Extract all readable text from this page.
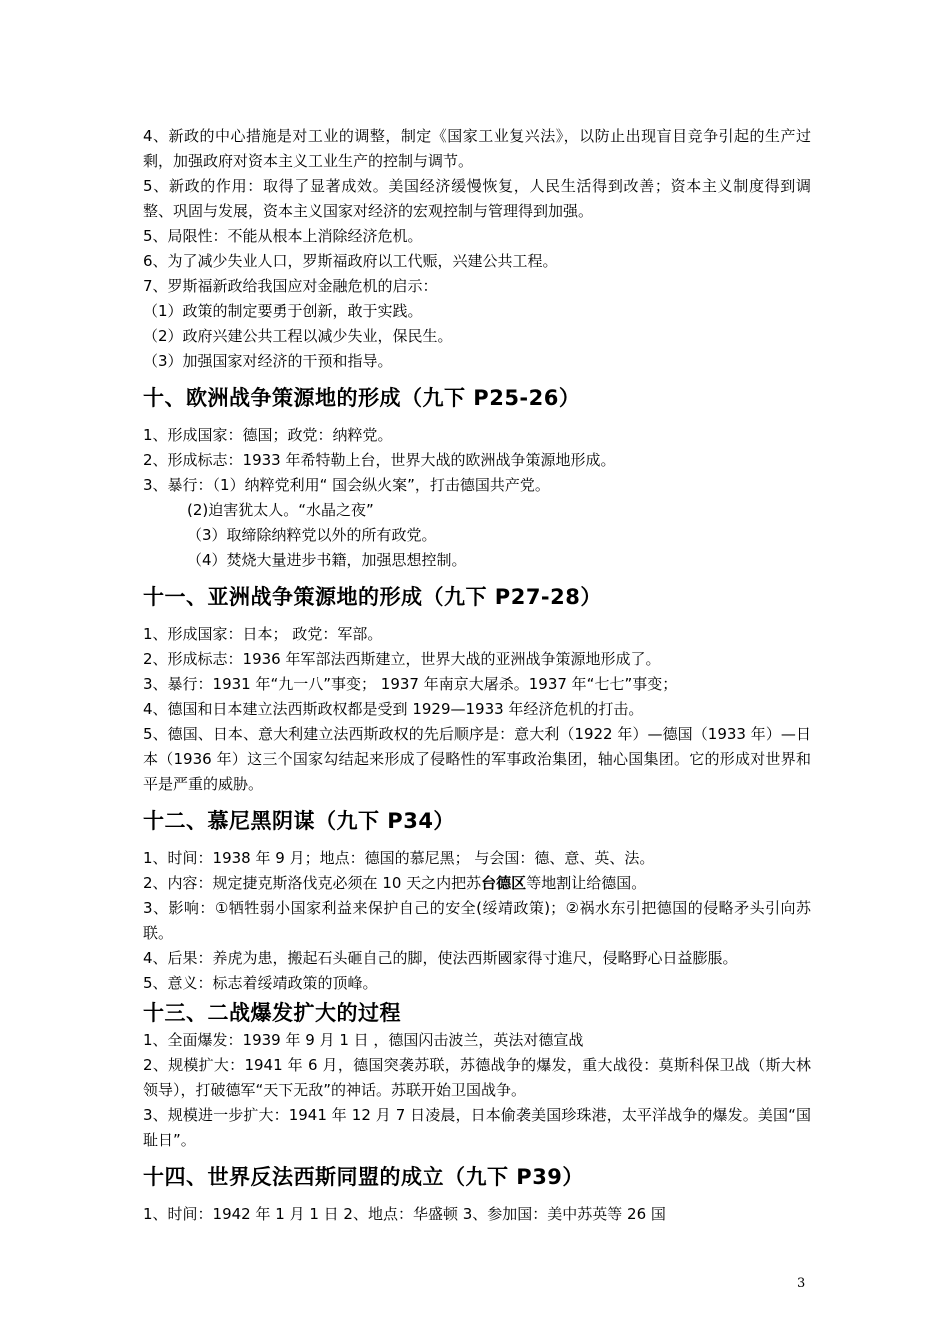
4、新政的中心措施是对工业的调整，制定《国家工业复兴法》，以防止出现盲目竞争引起的生产过剩，加强政府对资本主义工业生产的控制与调节。

5、新政的作用：取得了显著成效。美国经济缓慢恢复，人民生活得到改善；资本主义制度得到调整、巩固与发展，资本主义国家对经济的宏观控制与管理得到加强。

5、局限性：不能从根本上消除经济危机。

6、为了减少失业人口，罗斯福政府以工代赈，兴建公共工程。

7、罗斯福新政给我国应对金融危机的启示：

（1）政策的制定要勇于创新，敢于实践。

（2）政府兴建公共工程以减少失业，保民生。

（3）加强国家对经济的干预和指导。

十、欧洲战争策源地的形成（九下 P25-26）

1、形成国家：德国；政党：纳粹党。

2、形成标志：1933 年希特勒上台，世界大战的欧洲战争策源地形成。

3、暴行：（1）纳粹党利用“ 国会纵火案”，打击德国共产党。

(2)迫害犹太人。“水晶之夜”

（3）取缔除纳粹党以外的所有政党。

（4）焚烧大量进步书籍，加强思想控制。

十一、亚洲战争策源地的形成（九下 P27-28）

1、形成国家：日本； 政党：军部。

2、形成标志：1936 年军部法西斯建立，世界大战的亚洲战争策源地形成了。

3、暴行：1931 年“九一八”事变； 1937 年南京大屠杀。1937 年“七七”事变；

4、德国和日本建立法西斯政权都是受到 1929—1933 年经济危机的打击。

5、德国、日本、意大利建立法西斯政权的先后顺序是：意大利（1922 年）—德国（1933 年）—日本（1936 年）这三个国家勾结起来形成了侵略性的军事政治集团，轴心国集团。它的形成对世界和平是严重的威胁。

十二、慕尼黑阴谋（九下 P34）

1、时间：1938 年 9 月；地点：德国的慕尼黑； 与会国：德、意、英、法。

2、内容：规定捷克斯洛伐克必须在 10 天之内把苏台德区等地割让给德国。

3、影响：①牺牲弱小国家利益来保护自己的安全(绥靖政策)；②祸水东引把德国的侵略矛头引向苏联。

4、后果：养虎为患，搬起石头砸自己的脚，使法西斯國家得寸進尺，侵略野心日益膨脹。

5、意义：标志着绥靖政策的顶峰。

十三、二战爆发扩大的过程

1、全面爆发：1939 年 9 月 1 日 ，德国闪击波兰，英法对德宣战

2、规模扩大：1941 年 6 月，德国突袭苏联，苏德战争的爆发，重大战役：莫斯科保卫战（斯大林领导），打破德军“天下无敌”的神话。苏联开始卫国战争。

3、规模进一步扩大：1941 年 12 月 7 日凌晨，日本偷袭美国珍珠港，太平洋战争的爆发。美国“国耻日”。

十四、世界反法西斯同盟的成立（九下 P39）

1、时间：1942 年 1 月 1 日 2、地点：华盛顿 3、参加国：美中苏英等 26 国

3
